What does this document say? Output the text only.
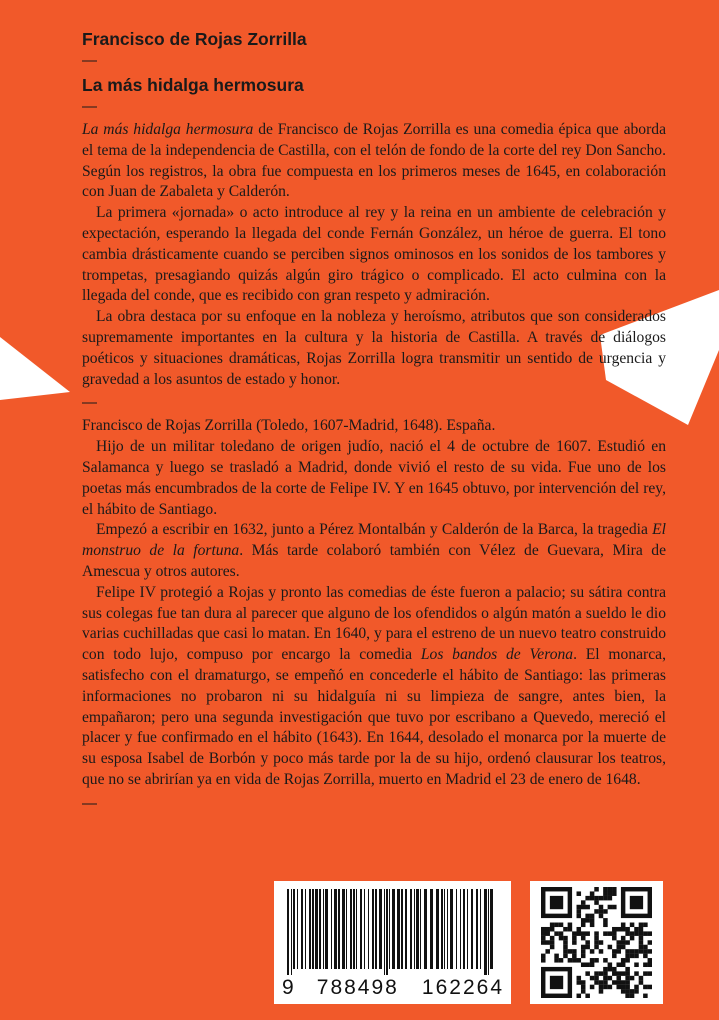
Francisco de Rojas Zorrilla
—
La más hidalga hermosura
—

La más hidalga hermosura de Francisco de Rojas Zorrilla es una comedia épica que aborda el tema de la independencia de Castilla, con el telón de fondo de la corte del rey Don Sancho. Según los registros, la obra fue compuesta en los primeros meses de 1645, en colaboración con Juan de Zabaleta y Calderón.

La primera «jornada» o acto introduce al rey y la reina en un ambiente de celebración y expectación, esperando la llegada del conde Fernán González, un héroe de guerra. El tono cambia drásticamente cuando se perciben signos ominosos en los sonidos de los tambores y trompetas, presagiando quizás algún giro trágico o complicado. El acto culmina con la llegada del conde, que es recibido con gran respeto y admiración.

La obra destaca por su enfoque en la nobleza y heroísmo, atributos que son considerados supremamente importantes en la cultura y la historia de Castilla. A través de diálogos poéticos y situaciones dramáticas, Rojas Zorrilla logra transmitir un sentido de urgencia y gravedad a los asuntos de estado y honor.

—

Francisco de Rojas Zorrilla (Toledo, 1607-Madrid, 1648). España.

Hijo de un militar toledano de origen judío, nació el 4 de octubre de 1607. Estudió en Salamanca y luego se trasladó a Madrid, donde vivió el resto de su vida. Fue uno de los poetas más encumbrados de la corte de Felipe IV. Y en 1645 obtuvo, por intervención del rey, el hábito de Santiago.

Empezó a escribir en 1632, junto a Pérez Montalbán y Calderón de la Barca, la tragedia El monstruo de la fortuna. Más tarde colaboró también con Vélez de Guevara, Mira de Amescua y otros autores.

Felipe IV protegió a Rojas y pronto las comedias de éste fueron a palacio; su sátira contra sus colegas fue tan dura al parecer que alguno de los ofendidos o algún matón a sueldo le dio varias cuchilladas que casi lo matan. En 1640, y para el estreno de un nuevo teatro construido con todo lujo, compuso por encargo la comedia Los bandos de Verona. El monarca, satisfecho con el dramaturgo, se empeñó en concederle el hábito de Santiago: las primeras informaciones no probaron ni su hidalguía ni su limpieza de sangre, antes bien, la empañaron; pero una segunda investigación que tuvo por escribano a Quevedo, mereció el placer y fue confirmado en el hábito (1643). En 1644, desolado el monarca por la muerte de su esposa Isabel de Borbón y poco más tarde por la de su hijo, ordenó clausurar los teatros, que no se abrirían ya en vida de Rojas Zorrilla, muerto en Madrid el 23 de enero de 1648.

—
9 788498 162264
